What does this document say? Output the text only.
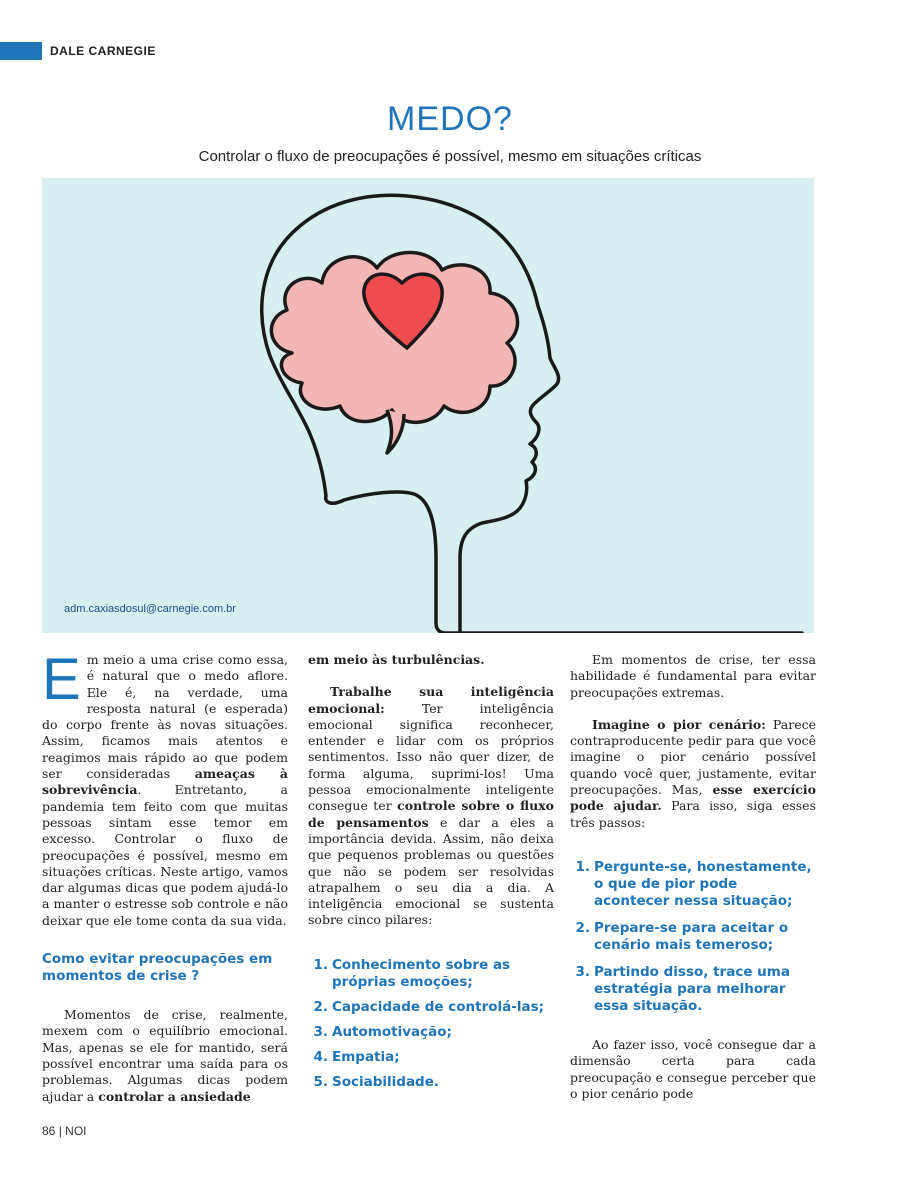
DALE CARNEGIE
MEDO?
Controlar o fluxo de preocupações é possível, mesmo em situações críticas
adm.caxiasdosul@carnegie.com.br

Em meio a uma crise como essa, é natural que o medo aflore. Ele é, na verdade, uma resposta natural (e esperada) do corpo frente às novas situações. Assim, ficamos mais atentos e reagimos mais rápido ao que podem ser consideradas ameaças à sobrevivência. Entretanto, a pandemia tem feito com que muitas pessoas sintam esse temor em excesso. Controlar o fluxo de preocupações é possível, mesmo em situações críticas. Neste artigo, vamos dar algumas dicas que podem ajudá-lo a manter o estresse sob controle e não deixar que ele tome conta da sua vida.

Como evitar preocupações em momentos de crise ?

Momentos de crise, realmente, mexem com o equilíbrio emocional. Mas, apenas se ele for mantido, será possível encontrar uma saída para os problemas. Algumas dicas podem ajudar a controlar a ansiedade

em meio às turbulências.

Trabalhe sua inteligência emocional: Ter inteligência emocional significa reconhecer, entender e lidar com os próprios sentimentos. Isso não quer dizer, de forma alguma, suprimi-los! Uma pessoa emocionalmente inteligente consegue ter controle sobre o fluxo de pensamentos e dar a eles a importância devida. Assim, não deixa que pequenos problemas ou questões que não se podem ser resolvidas atrapalhem o seu dia a dia. A inteligência emocional se sustenta sobre cinco pilares:

1. Conhecimento sobre as próprias emoções;
2. Capacidade de controlá-las;
3. Automotivação;
4. Empatia;
5. Sociabilidade.

Em momentos de crise, ter essa habilidade é fundamental para evitar preocupações extremas.

Imagine o pior cenário: Parece contraproducente pedir para que você imagine o pior cenário possível quando você quer, justamente, evitar preocupações. Mas, esse exercício pode ajudar. Para isso, siga esses três passos:

1. Pergunte-se, honestamente, o que de pior pode acontecer nessa situação;
2. Prepare-se para aceitar o cenário mais temeroso;
3. Partindo disso, trace uma estratégia para melhorar essa situação.

Ao fazer isso, você consegue dar a dimensão certa para cada preocupação e consegue perceber que o pior cenário pode

86 | NOI
